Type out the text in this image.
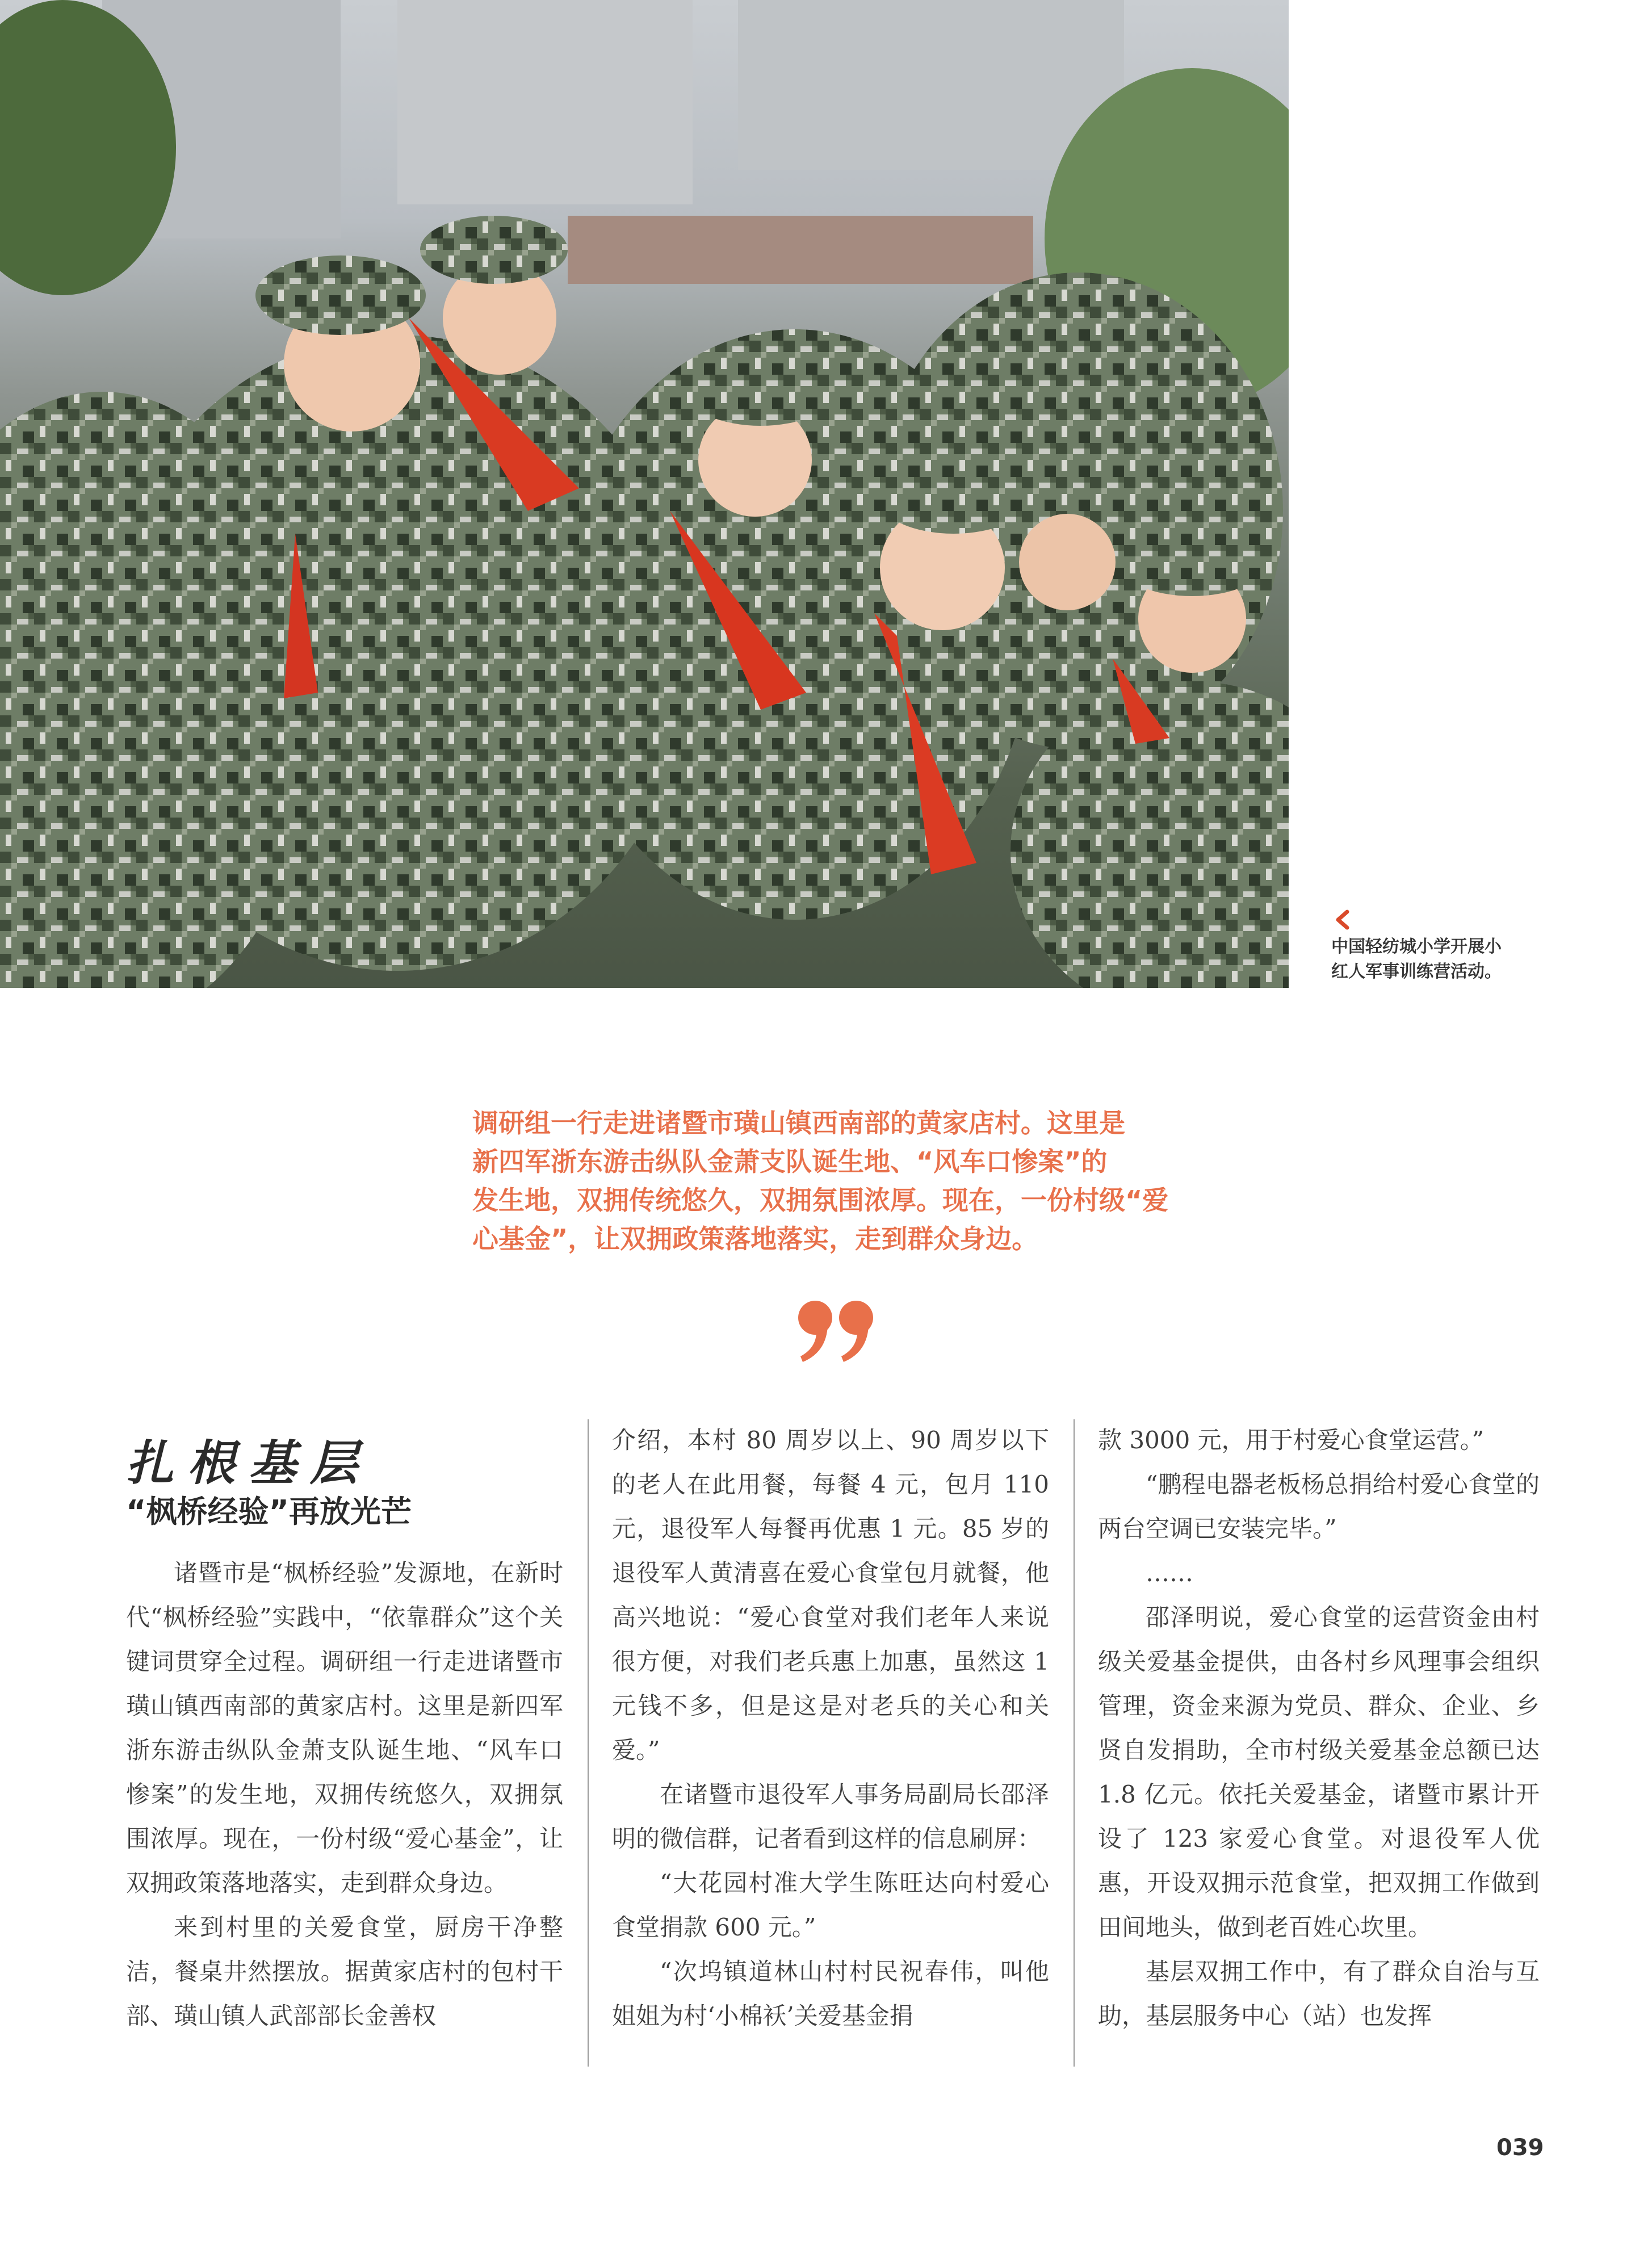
中国轻纺城小学开展小

红人军事训练营活动。

调研组一行走进诸暨市璜山镇西南部的黄家店村。这里是

新四军浙东游击纵队金萧支队诞生地、“风车口惨案”的

发生地，双拥传统悠久，双拥氛围浓厚。现在，一份村级“爱

心基金”，让双拥政策落地落实，走到群众身边。

扎根基层
“枫桥经验”再放光芒

诸暨市是“枫桥经验”发源地，在新时代“枫桥经验”实践中，“依靠群众”这个关键词贯穿全过程。调研组一行走进诸暨市璜山镇西南部的黄家店村。这里是新四军浙东游击纵队金萧支队诞生地、“风车口惨案”的发生地，双拥传统悠久，双拥氛围浓厚。现在，一份村级“爱心基金”，让双拥政策落地落实，走到群众身边。

来到村里的关爱食堂，厨房干净整洁，餐桌井然摆放。据黄家店村的包村干部、璜山镇人武部部长金善权

介绍，本村 80 周岁以上、90 周岁以下的老人在此用餐，每餐 4 元，包月 110 元，退役军人每餐再优惠 1 元。85 岁的退役军人黄清喜在爱心食堂包月就餐，他高兴地说：“爱心食堂对我们老年人来说很方便，对我们老兵惠上加惠，虽然这 1 元钱不多，但是这是对老兵的关心和关爱。”

在诸暨市退役军人事务局副局长邵泽明的微信群，记者看到这样的信息刷屏：

“大花园村准大学生陈旺达向村爱心食堂捐款 600 元。”

“次坞镇道林山村村民祝春伟，叫他姐姐为村‘小棉袄’关爱基金捐

款 3000 元，用于村爱心食堂运营。”

“鹏程电器老板杨总捐给村爱心食堂的两台空调已安装完毕。”

……

邵泽明说，爱心食堂的运营资金由村级关爱基金提供，由各村乡风理事会组织管理，资金来源为党员、群众、企业、乡贤自发捐助，全市村级关爱基金总额已达 1.8 亿元。依托关爱基金，诸暨市累计开设了 123 家爱心食堂。对退役军人优惠，开设双拥示范食堂，把双拥工作做到田间地头，做到老百姓心坎里。

基层双拥工作中，有了群众自治与互助，基层服务中心（站）也发挥

039
